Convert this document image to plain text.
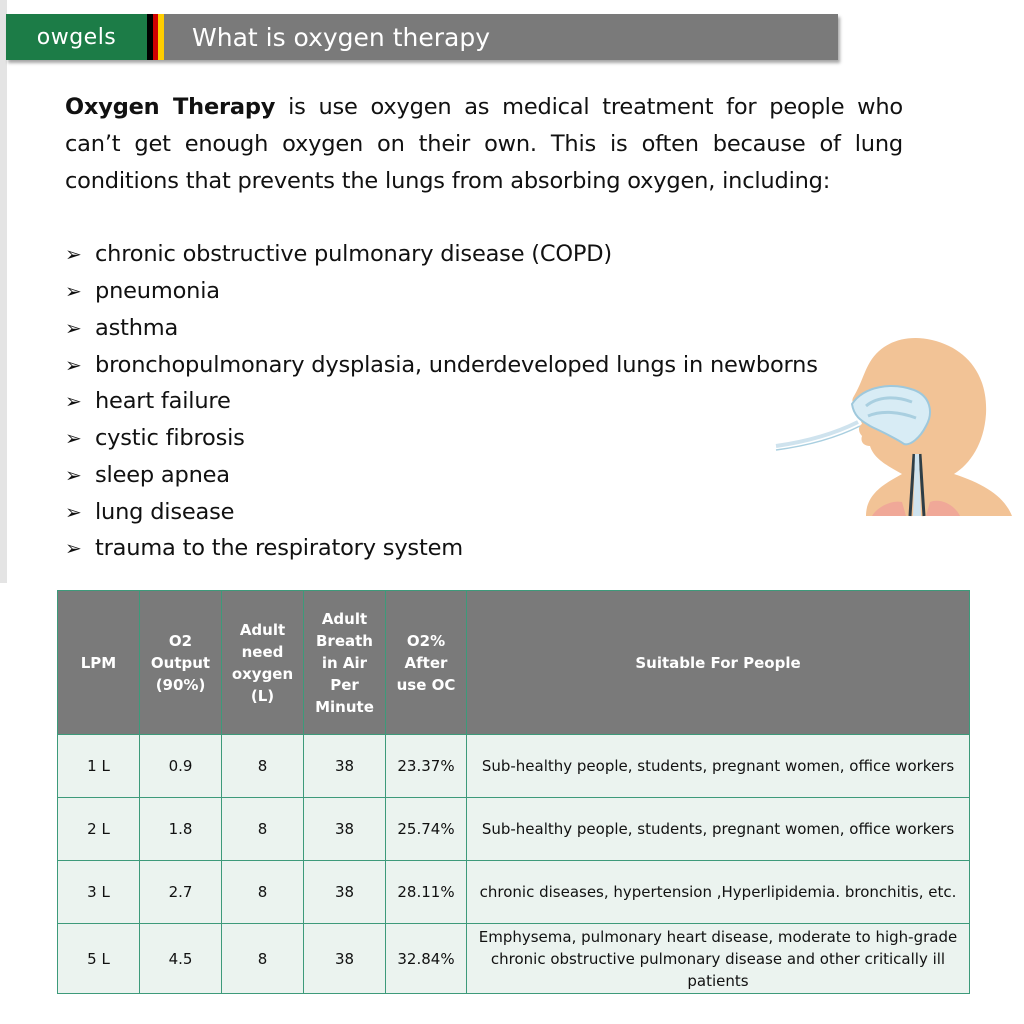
owgels	What is oxygen therapy

Oxygen Therapy is use oxygen as medical treatment for people who can’t get enough oxygen on their own. This is often because of lung conditions that prevents the lungs from absorbing oxygen, including:

➢ chronic obstructive pulmonary disease (COPD)
➢ pneumonia
➢ asthma
➢ bronchopulmonary dysplasia, underdeveloped lungs in newborns
➢ heart failure
➢ cystic fibrosis
➢ sleep apnea
➢ lung disease
➢ trauma to the respiratory system
LPM	O2 Output (90%)	Adult need oxygen (L)	Adult Breath in Air Per Minute	O2% After use OC	Suitable For People
1 L	0.9	8	38	23.37%	Sub-healthy people, students, pregnant women, office workers
2 L	1.8	8	38	25.74%	Sub-healthy people, students, pregnant women, office workers
3 L	2.7	8	38	28.11%	chronic diseases, hypertension ,Hyperlipidemia. bronchitis, etc.
5 L	4.5	8	38	32.84%	Emphysema, pulmonary heart disease, moderate to high-grade chronic obstructive pulmonary disease and other critically ill patients
